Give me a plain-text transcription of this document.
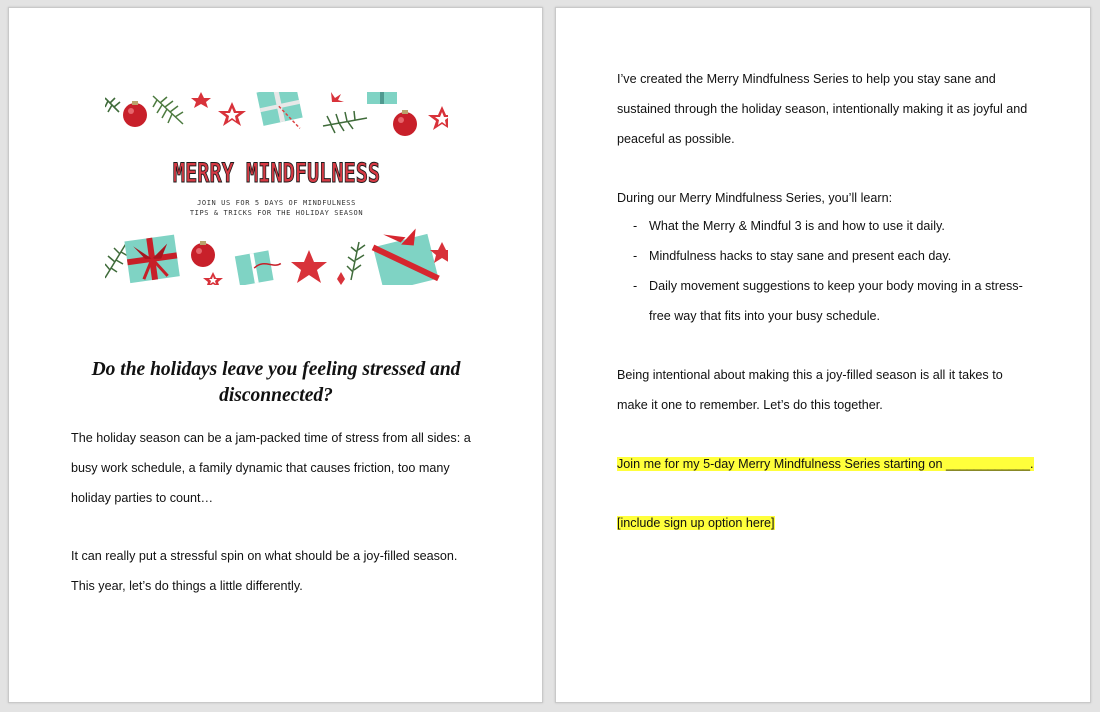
MERRY MINDFULNESS
JOIN US FOR 5 DAYS OF MINDFULNESS
TIPS & TRICKS FOR THE HOLIDAY SEASON
Do the holidays leave you feeling stressed and disconnected?

The holiday season can be a jam-packed time of stress from all sides: a busy work schedule, a family dynamic that causes friction, too many holiday parties to count…

It can really put a stressful spin on what should be a joy-filled season. This year, let’s do things a little differently.

I’ve created the Merry Mindfulness Series to help you stay sane and sustained through the holiday season, intentionally making it as joyful and peaceful as possible.

During our Merry Mindfulness Series, you’ll learn:

- What the Merry & Mindful 3 is and how to use it daily.
- Mindfulness hacks to stay sane and present each day.
- Daily movement suggestions to keep your body moving in a stress-free way that fits into your busy schedule.

Being intentional about making this a joy-filled season is all it takes to make it one to remember. Let’s do this together.

Join me for my 5-day Merry Mindfulness Series starting on ____________.

[include sign up option here]
